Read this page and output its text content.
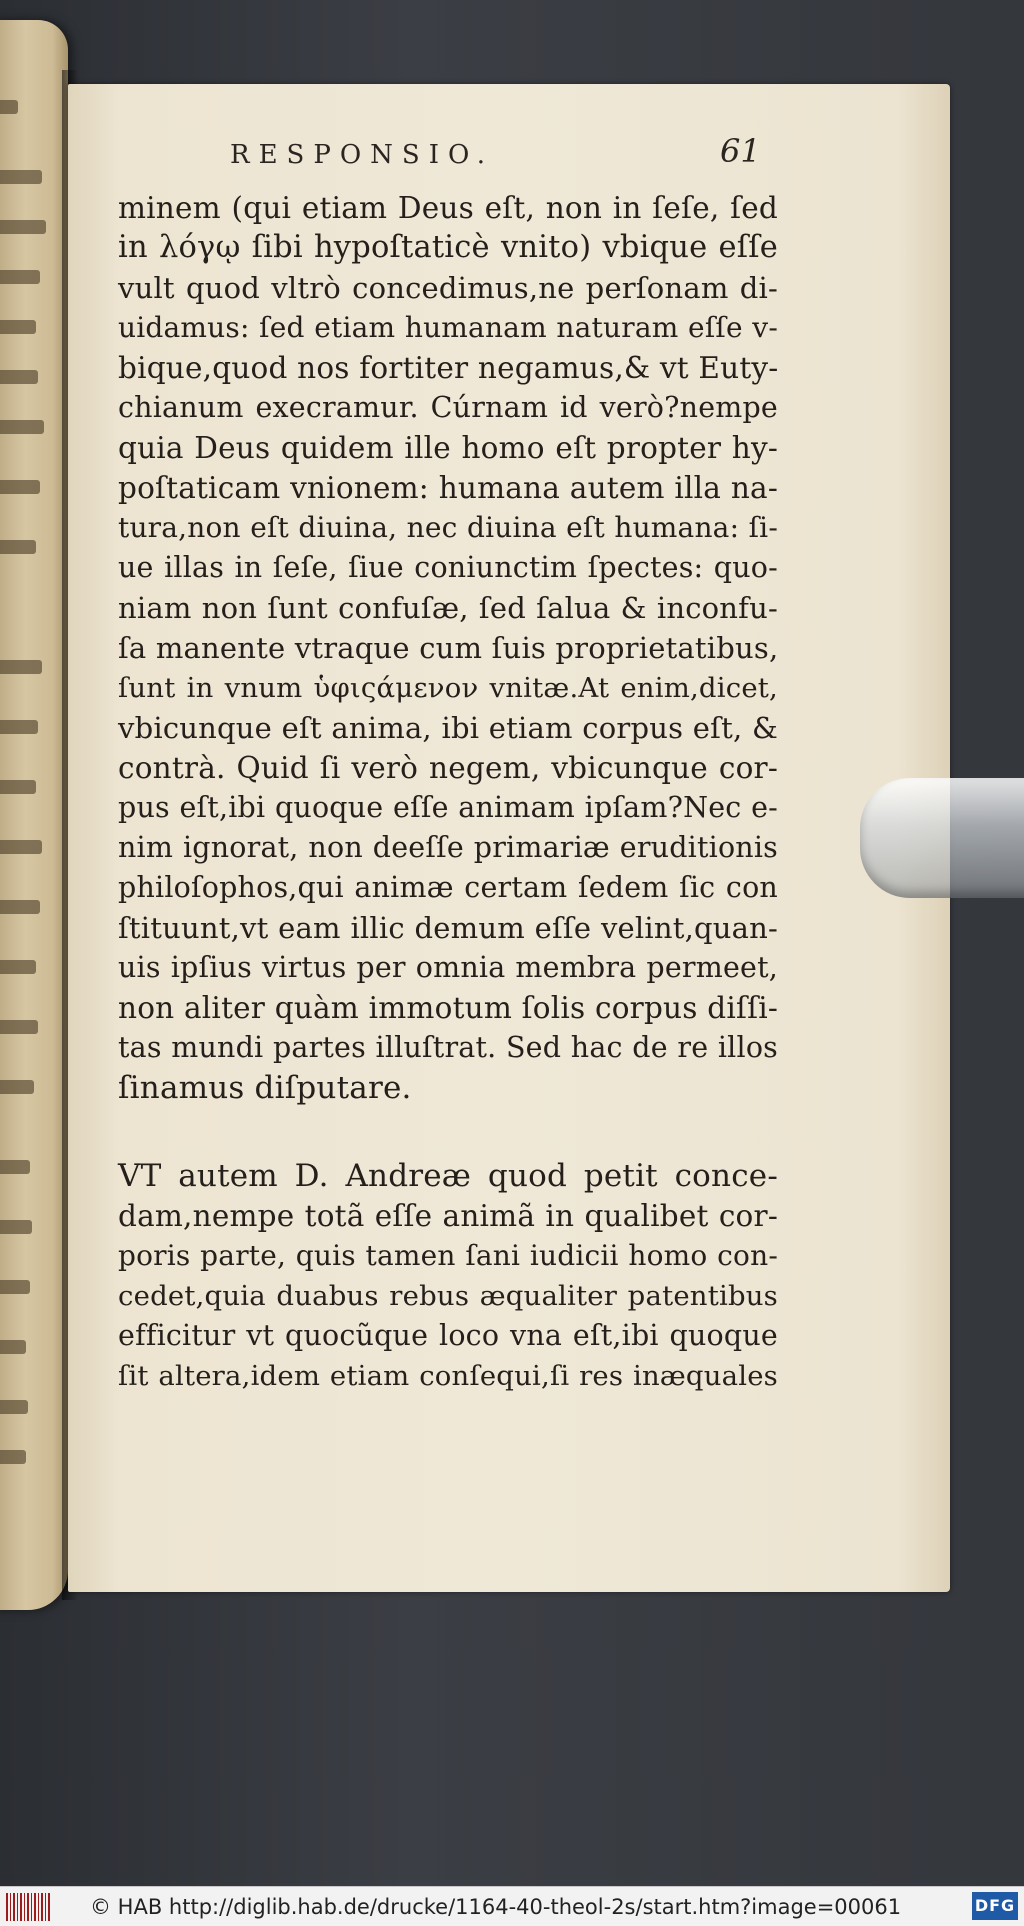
RESPONSIO.	61
minem (qui etiam Deus eſt, non in ſeſe, ſed
in λόγῳ ſibi hypoſtaticè vnito) vbique eſſe
vult quod vltrò concedimus,ne perſonam di-
uidamus: ſed etiam humanam naturam eſſe v-
bique,quod nos fortiter negamus,& vt Euty-
chianum execramur. Cúrnam id verò?nempe
quia Deus quidem ille homo eſt propter hy-
poſtaticam vnionem: humana autem illa na-
tura,non eſt diuina, nec diuina eſt humana: ſi-
ue illas in ſeſe, ſiue coniunctim ſpectes: quo-
niam non ſunt confuſæ, ſed ſalua & inconfu-
ſa manente vtraque cum ſuis proprietatibus,
ſunt in vnum ὑφιςάμενον vnitæ.At enim,dicet,
vbicunque eſt anima, ibi etiam corpus eſt, &
contrà. Quid ſi verò negem, vbicunque cor-
pus eſt,ibi quoque eſſe animam ipſam?Nec e-
nim ignorat, non deeſſe primariæ eruditionis
philoſophos,qui animæ certam ſedem ſic con
ſtituunt,vt eam illic demum eſſe velint,quan-
uis ipſius virtus per omnia membra permeet,
non aliter quàm immotum ſolis corpus diſſi-
tas mundi partes illuſtrat. Sed hac de re illos
ſinamus diſputare.
VT autem D. Andreæ quod petit conce-
dam,nempe totã eſſe animã in qualibet cor-
poris parte, quis tamen ſani iudicii homo con-
cedet,quia duabus rebus æqualiter patentibus
efficitur vt quocũque loco vna eſt,ibi quoque
ſit altera,idem etiam conſequi,ſi res inæquales
© HAB http://diglib.hab.de/drucke/1164-40-theol-2s/start.htm?image=00061	DFG
